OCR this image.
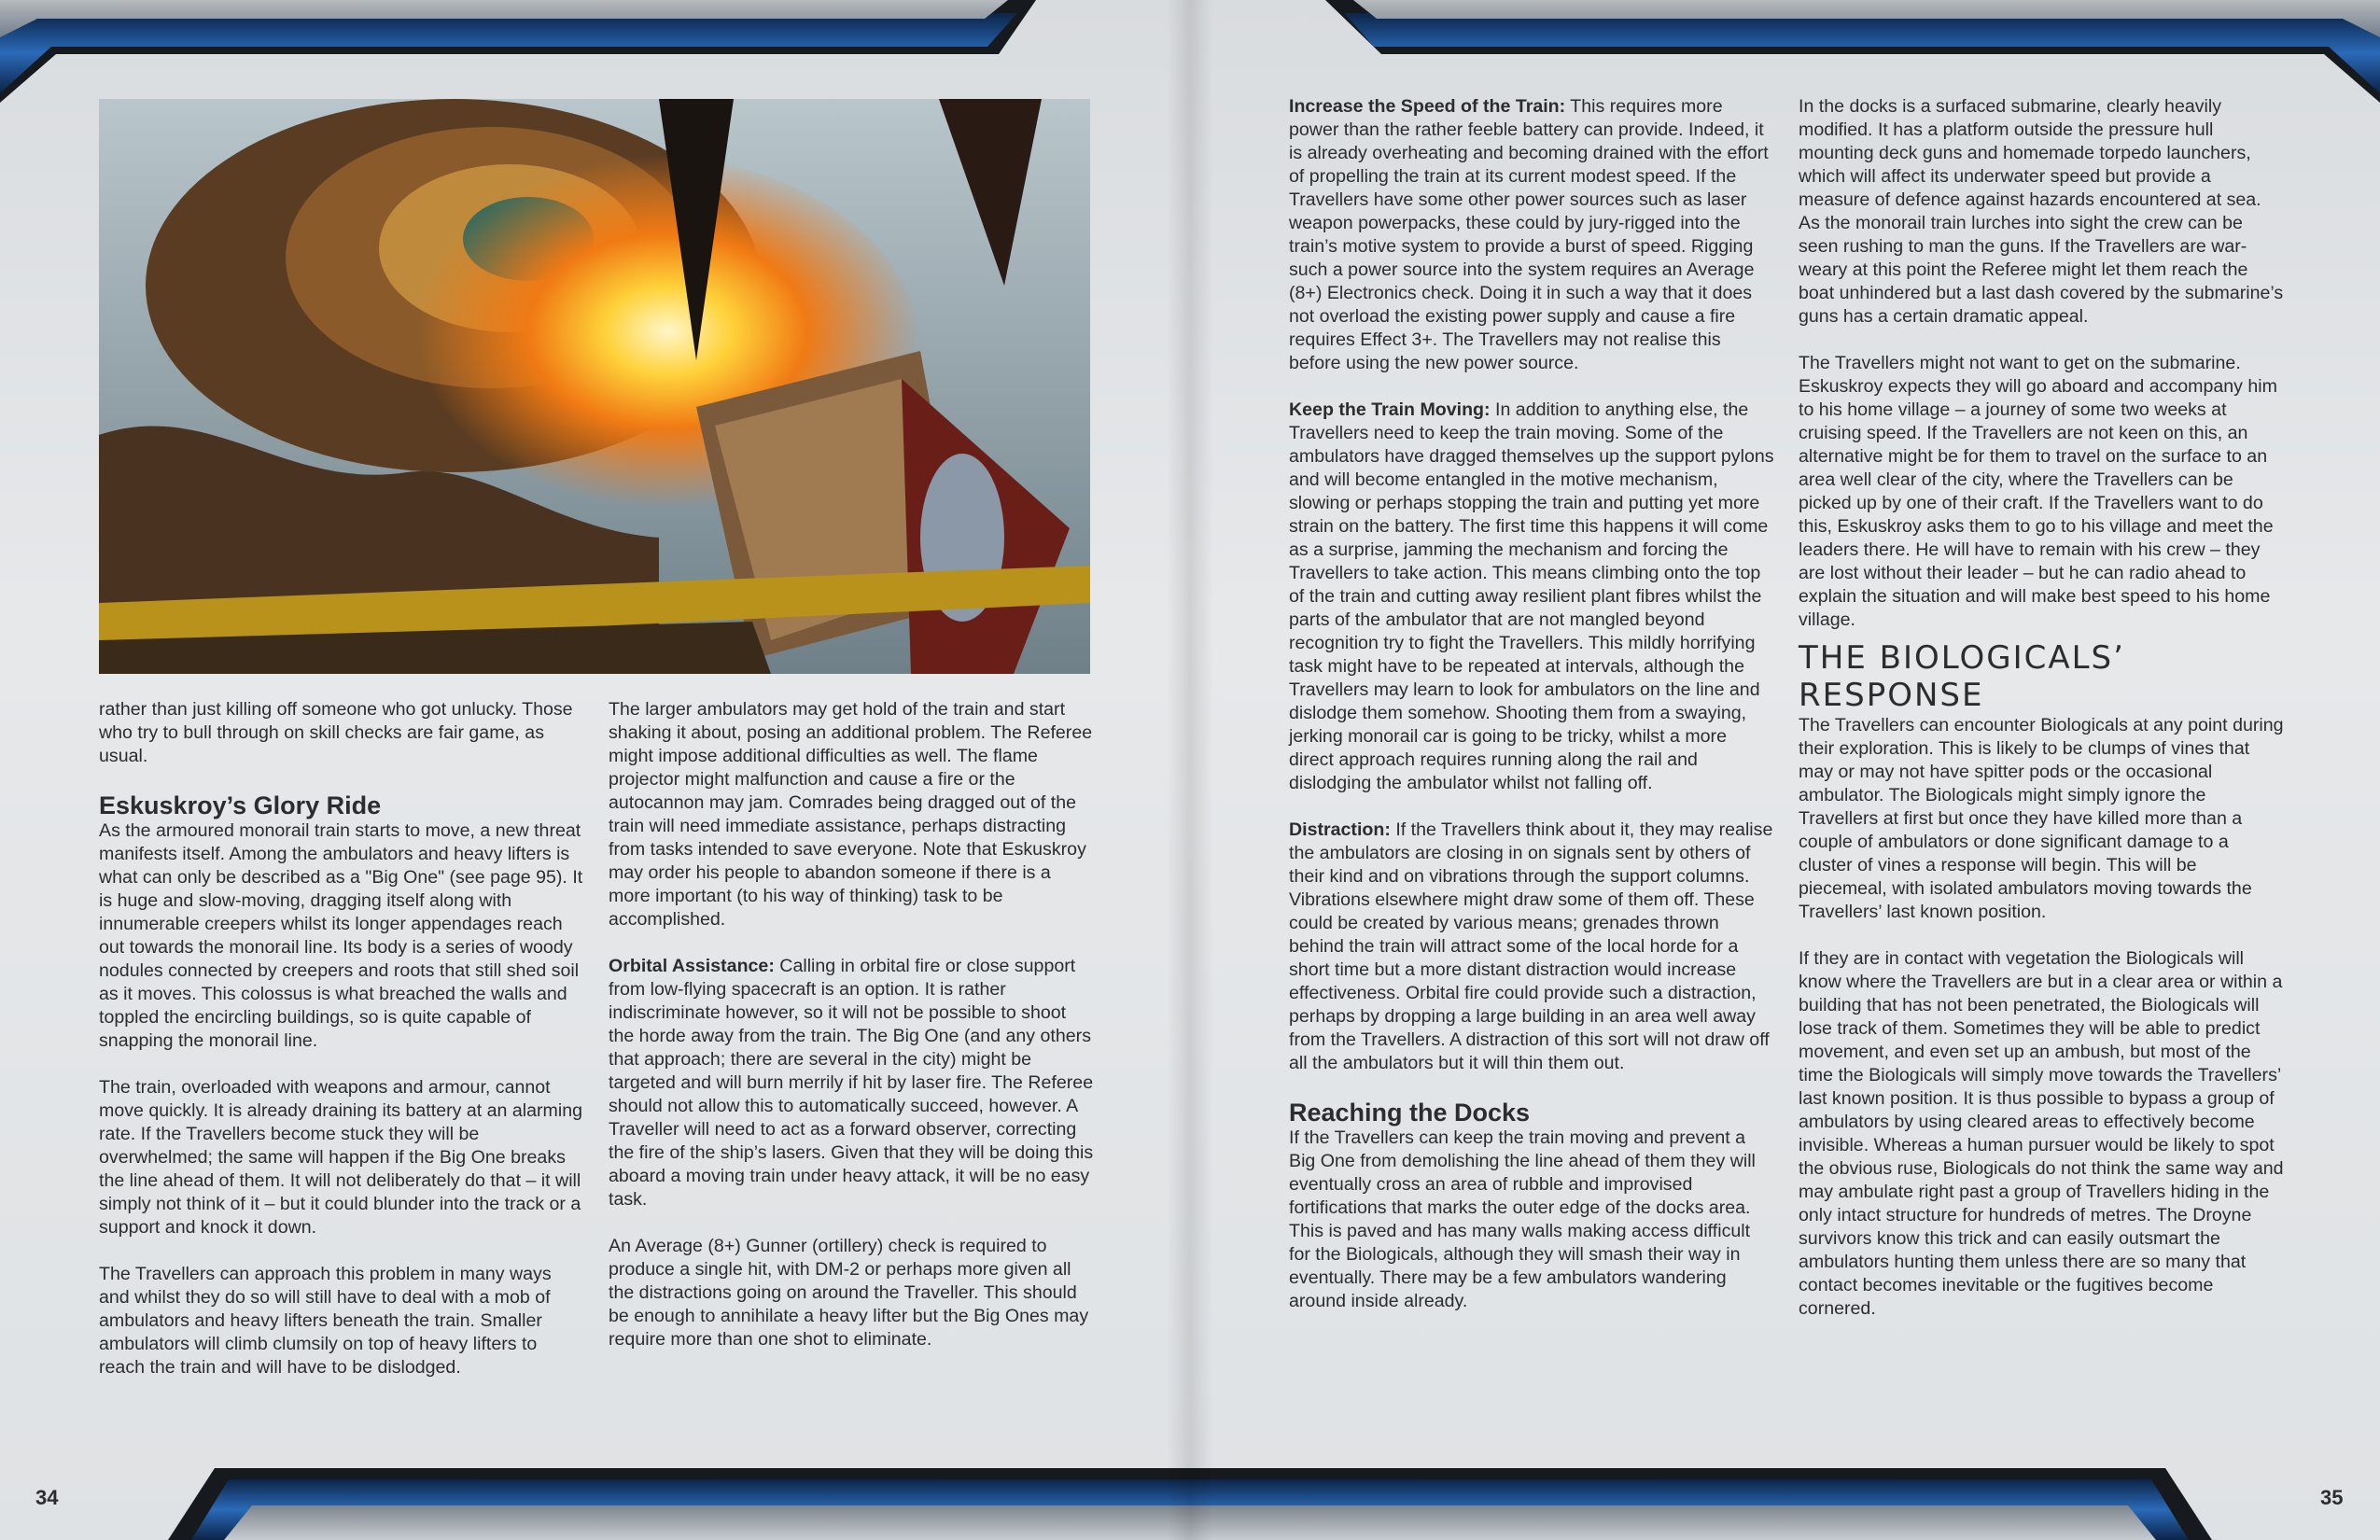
rather than just killing off someone who got unlucky. Those who try to bull through on skill checks are fair game, as usual.

Eskuskroy’s Glory Ride

As the armoured monorail train starts to move, a new threat manifests itself. Among the ambulators and heavy lifters is what can only be described as a "Big One" (see page 95). It is huge and slow-moving, dragging itself along with innumerable creepers whilst its longer appendages reach out towards the monorail line. Its body is a series of woody nodules connected by creepers and roots that still shed soil as it moves. This colossus is what breached the walls and toppled the encircling buildings, so is quite capable of snapping the monorail line.

The train, overloaded with weapons and armour, cannot move quickly. It is already draining its battery at an alarming rate. If the Travellers become stuck they will be overwhelmed; the same will happen if the Big One breaks the line ahead of them. It will not deliberately do that – it will simply not think of it – but it could blunder into the track or a support and knock it down.

The Travellers can approach this problem in many ways and whilst they do so will still have to deal with a mob of ambulators and heavy lifters beneath the train. Smaller ambulators will climb clumsily on top of heavy lifters to reach the train and will have to be dislodged.

The larger ambulators may get hold of the train and start shaking it about, posing an additional problem. The Referee might impose additional difficulties as well. The flame projector might malfunction and cause a fire or the autocannon may jam. Comrades being dragged out of the train will need immediate assistance, perhaps distracting from tasks intended to save everyone. Note that Eskuskroy may order his people to abandon someone if there is a more important (to his way of thinking) task to be accomplished.

Orbital Assistance: Calling in orbital fire or close support from low-flying spacecraft is an option. It is rather indiscriminate however, so it will not be possible to shoot the horde away from the train. The Big One (and any others that approach; there are several in the city) might be targeted and will burn merrily if hit by laser fire. The Referee should not allow this to automatically succeed, however. A Traveller will need to act as a forward observer, correcting the fire of the ship’s lasers. Given that they will be doing this aboard a moving train under heavy attack, it will be no easy task.

An Average (8+) Gunner (ortillery) check is required to produce a single hit, with DM-2 or perhaps more given all the distractions going on around the Traveller. This should be enough to annihilate a heavy lifter but the Big Ones may require more than one shot to eliminate.

Increase the Speed of the Train: This requires more power than the rather feeble battery can provide. Indeed, it is already overheating and becoming drained with the effort of propelling the train at its current modest speed. If the Travellers have some other power sources such as laser weapon powerpacks, these could by jury-rigged into the train’s motive system to provide a burst of speed. Rigging such a power source into the system requires an Average (8+) Electronics check. Doing it in such a way that it does not overload the existing power supply and cause a fire requires Effect 3+. The Travellers may not realise this before using the new power source.

Keep the Train Moving: In addition to anything else, the Travellers need to keep the train moving. Some of the ambulators have dragged themselves up the support pylons and will become entangled in the motive mechanism, slowing or perhaps stopping the train and putting yet more strain on the battery. The first time this happens it will come as a surprise, jamming the mechanism and forcing the Travellers to take action. This means climbing onto the top of the train and cutting away resilient plant fibres whilst the parts of the ambulator that are not mangled beyond recognition try to fight the Travellers. This mildly horrifying task might have to be repeated at intervals, although the Travellers may learn to look for ambulators on the line and dislodge them somehow. Shooting them from a swaying, jerking monorail car is going to be tricky, whilst a more direct approach requires running along the rail and dislodging the ambulator whilst not falling off.

Distraction: If the Travellers think about it, they may realise the ambulators are closing in on signals sent by others of their kind and on vibrations through the support columns. Vibrations elsewhere might draw some of them off. These could be created by various means; grenades thrown behind the train will attract some of the local horde for a short time but a more distant distraction would increase effectiveness. Orbital fire could provide such a distraction, perhaps by dropping a large building in an area well away from the Travellers. A distraction of this sort will not draw off all the ambulators but it will thin them out.

Reaching the Docks

If the Travellers can keep the train moving and prevent a Big One from demolishing the line ahead of them they will eventually cross an area of rubble and improvised fortifications that marks the outer edge of the docks area. This is paved and has many walls making access difficult for the Biologicals, although they will smash their way in eventually. There may be a few ambulators wandering around inside already.

In the docks is a surfaced submarine, clearly heavily modified. It has a platform outside the pressure hull mounting deck guns and homemade torpedo launchers, which will affect its underwater speed but provide a measure of defence against hazards encountered at sea. As the monorail train lurches into sight the crew can be seen rushing to man the guns. If the Travellers are war-weary at this point the Referee might let them reach the boat unhindered but a last dash covered by the submarine’s guns has a certain dramatic appeal.

The Travellers might not want to get on the submarine. Eskuskroy expects they will go aboard and accompany him to his home village – a journey of some two weeks at cruising speed. If the Travellers are not keen on this, an alternative might be for them to travel on the surface to an area well clear of the city, where the Travellers can be picked up by one of their craft. If the Travellers want to do this, Eskuskroy asks them to go to his village and meet the leaders there. He will have to remain with his crew – they are lost without their leader – but he can radio ahead to explain the situation and will make best speed to his home village.

THE BIOLOGICALS’ RESPONSE

The Travellers can encounter Biologicals at any point during their exploration. This is likely to be clumps of vines that may or may not have spitter pods or the occasional ambulator. The Biologicals might simply ignore the Travellers at first but once they have killed more than a couple of ambulators or done significant damage to a cluster of vines a response will begin. This will be piecemeal, with isolated ambulators moving towards the Travellers’ last known position.

If they are in contact with vegetation the Biologicals will know where the Travellers are but in a clear area or within a building that has not been penetrated, the Biologicals will lose track of them. Sometimes they will be able to predict movement, and even set up an ambush, but most of the time the Biologicals will simply move towards the Travellers’ last known position. It is thus possible to bypass a group of ambulators by using cleared areas to effectively become invisible. Whereas a human pursuer would be likely to spot the obvious ruse, Biologicals do not think the same way and may ambulate right past a group of Travellers hiding in the only intact structure for hundreds of metres. The Droyne survivors know this trick and can easily outsmart the ambulators hunting them unless there are so many that contact becomes inevitable or the fugitives become cornered.

34	35
